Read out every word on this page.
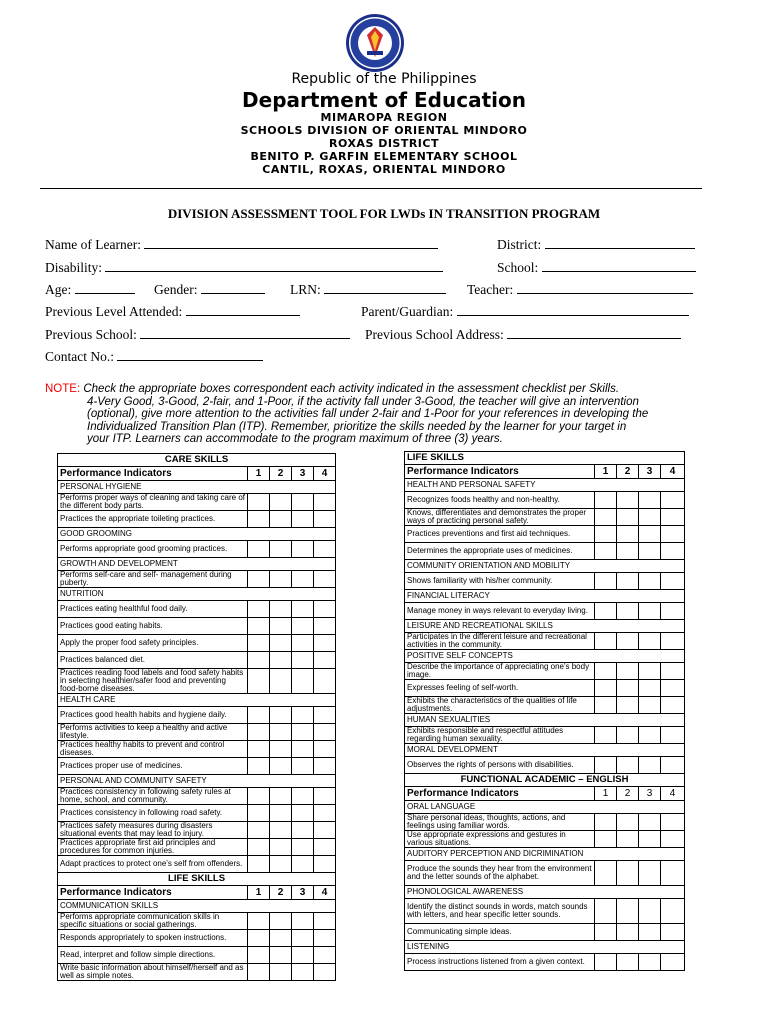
Republic of the Philippines
Department of Education
MIMAROPA REGION
SCHOOLS DIVISION OF ORIENTAL MINDORO
ROXAS DISTRICT
BENITO P. GARFIN ELEMENTARY SCHOOL
CANTIL, ROXAS, ORIENTAL MINDORO
DIVISION ASSESSMENT TOOL FOR LWDs IN TRANSITION PROGRAM
Name of Learner:	District:
Disability:	School:
Age:	Gender:	LRN:	Teacher:
Previous Level Attended:	Parent/Guardian:
Previous School:	Previous School Address:
Contact No.:
NOTE: Check the appropriate boxes correspondent each activity indicated in the assessment checklist per Skills.
4-Very Good, 3-Good, 2-fair, and 1-Poor, if the activity fall under 3-Good, the teacher will give an intervention
(optional), give more attention to the activities fall under 2-fair and 1-Poor for your references in developing the
Individualized Transition Plan (ITP). Remember, prioritize the skills needed by the learner for your target in
your ITP. Learners can accommodate to the program maximum of three (3) years.
CARE SKILLS				
Performance Indicators	1	2	3	4
PERSONAL HYGIENE				
Performs proper ways of cleaning and taking care of the different body parts.				
Practices the appropriate toileting practices.				
GOOD GROOMING				
Performs appropriate good grooming practices.				
GROWTH AND DEVELOPMENT				
Performs self-care and self- management during puberty.				
NUTRITION				
Practices eating healthful food daily.				
Practices good eating habits.				
Apply the proper food safety principles.				
Practices balanced diet.				
Practices reading food labels and food safety habits in selecting healthier/safer food and preventing food-borne diseases.				
HEALTH CARE				
Practices good health habits and hygiene daily.				
Performs activities to keep a healthy and active lifestyle.				
Practices healthy habits to prevent and control diseases.				
Practices proper use of medicines.				
PERSONAL AND COMMUNITY SAFETY				
Practices consistency in following safety rules at home, school, and community.				
Practices consistency in following road safety.				
Practices safety measures during disasters situational events that may lead to injury.				
Practices appropriate first aid principles and procedures for common injuries.				
Adapt practices to protect one's self from offenders.				
LIFE SKILLS				
Performance Indicators	1	2	3	4
COMMUNICATION SKILLS				
Performs appropriate communication skills in specific situations or social gatherings.				
Responds appropriately to spoken instructions.				
Read, interpret and follow simple directions.				
Write basic information about himself/herself and as well as simple notes.				
LIFE SKILLS				
Performance Indicators	1	2	3	4
HEALTH AND PERSONAL SAFETY				
Recognizes foods healthy and non-healthy.				
Knows, differentiates and demonstrates the proper ways of practicing personal safety.				
Practices preventions and first aid techniques.				
Determines the appropriate uses of medicines.				
COMMUNITY ORIENTATION AND MOBILITY				
Shows familiarity with his/her community.				
FINANCIAL LITERACY				
Manage money in ways relevant to everyday living.				
LEISURE AND RECREATIONAL SKILLS				
Participates in the different leisure and recreational activities in the community.				
POSITIVE SELF CONCEPTS				
Describe the importance of appreciating one's body image.				
Expresses feeling of self-worth.				
Exhibits the characteristics of the qualities of life adjustments.				
HUMAN SEXUALITIES				
Exhibits responsible and respectful attitudes regarding human sexuality.				
MORAL DEVELOPMENT				
Observes the rights of persons with disabilities.				
FUNCTIONAL ACADEMIC – ENGLISH				
Performance Indicators	1	2	3	4
ORAL LANGUAGE				
Share personal ideas, thoughts, actions, and feelings using familiar words.				
Use appropriate expressions and gestures in various situations.				
AUDITORY PERCEPTION AND DICRIMINATION				
Produce the sounds they hear from the environment and the letter sounds of the alphabet.				
PHONOLOGICAL AWARENESS				
Identify the distinct sounds in words, match sounds with letters, and hear specific letter sounds.				
Communicating simple ideas.				
LISTENING				
Process instructions listened from a given context.				
